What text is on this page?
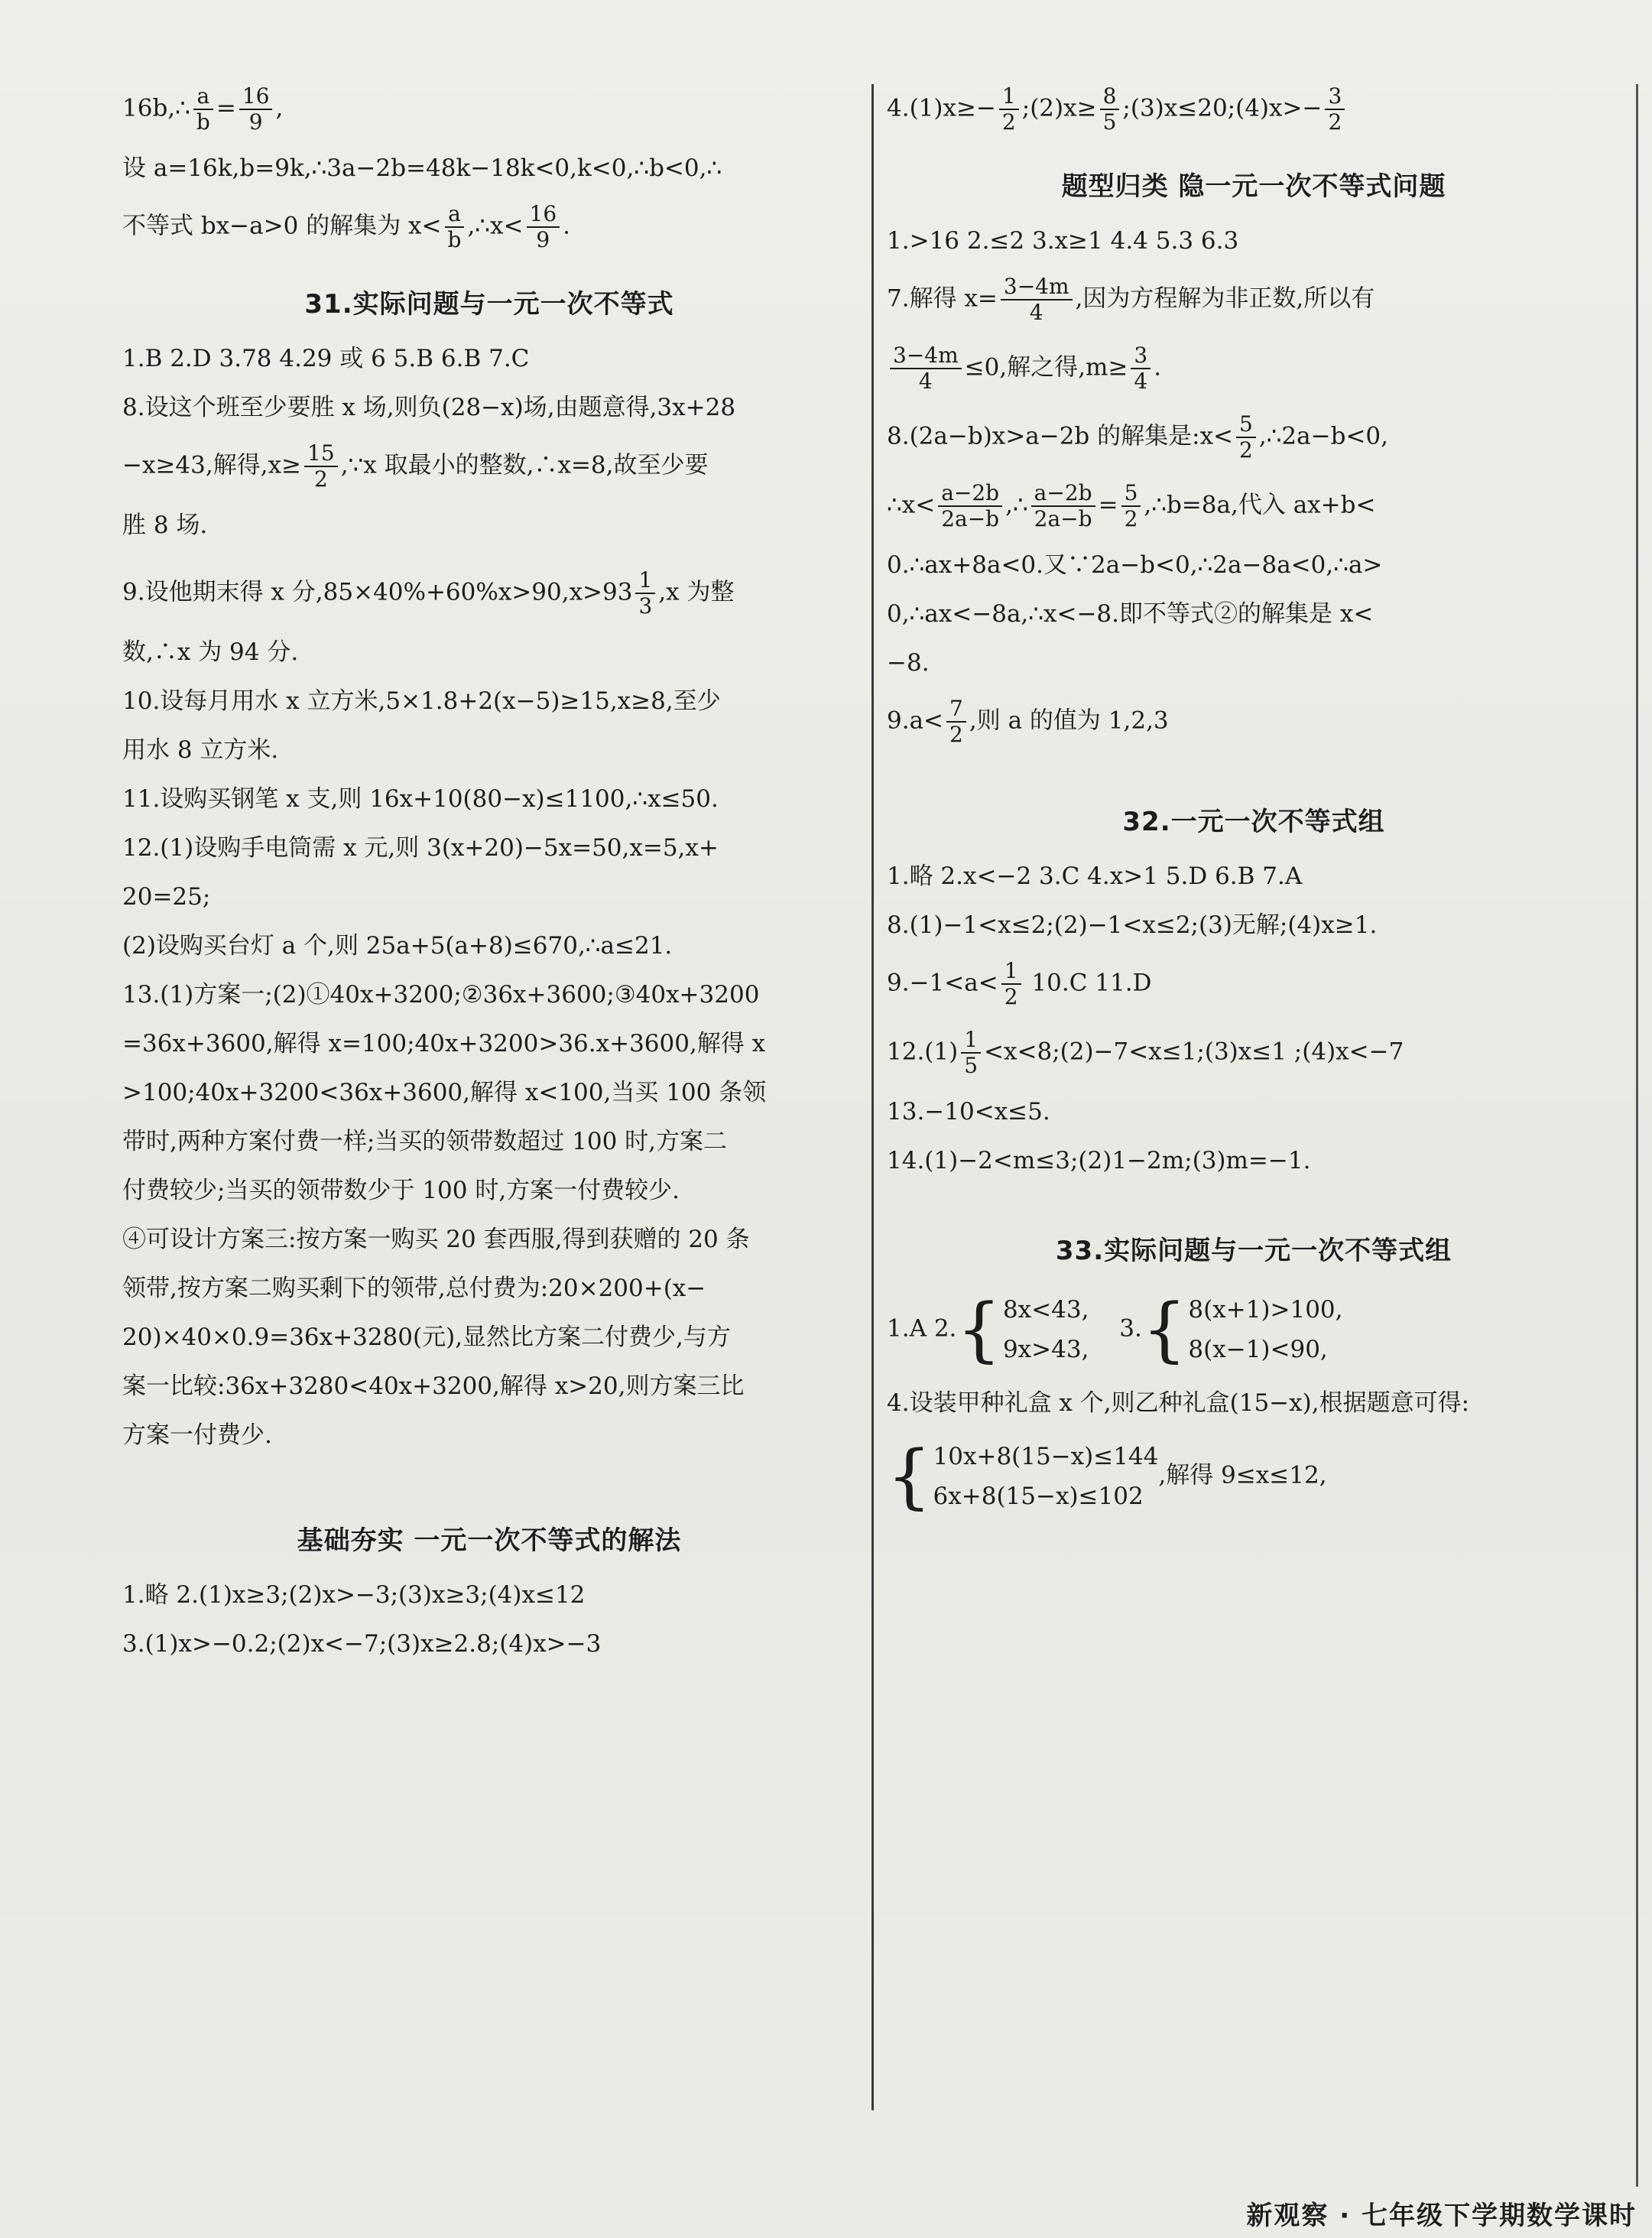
16b,∴ $\frac{a}{b} = \frac{16}{9}$ ,
设 a=16k,b=9k,∴3a−2b=48k−18k<0,k<0,∴b<0,∴
不等式 bx−a>0 的解集为 $x< \frac{a}{b}$ ,∴x< $\frac{16}{9}$ .
31.实际问题与一元一次不等式
1.B 2.D 3.78 4.29 或 6 5.B 6.B 7.C
8.设这个班至少要胜 x 场,则负(28−x)场,由题意得,3x+28
−x≥43,解得$,x\ge \frac{15}{2}$ ,∵x 取最小的整数,∴x=8,故至少要
胜 8 场.
9.设他期末得 x 分$,85\times 40\%+60\%x>90,x>93 \frac{1}{3} ,x$ 为整
数,∴x 为 94 分.
10.设每月用水 x 立方米,5×1.8+2(x−5)≥15,x≥8,至少
用水 8 立方米.
11.设购买钢笔 x 支,则 16x+10(80−x)≤1100,∴x≤50.
12.(1)设购手电筒需 x 元,则 3(x+20)−5x=50,x=5,x+
20=25;
(2)设购买台灯 a 个,则 25a+5(a+8)≤670,∴a≤21.
13.(1)方案一;(2)①40x+3200;②36x+3600;③40x+3200
=36x+3600,解得 x=100;40x+3200>36.x+3600,解得 x
>100;40x+3200<36x+3600,解得 x<100,当买 100 条领
带时,两种方案付费一样;当买的领带数超过 100 时,方案二
付费较少;当买的领带数少于 100 时,方案一付费较少.
④可设计方案三:按方案一购买 20 套西服,得到获赠的 20 条
领带,按方案二购买剩下的领带,总付费为:20×200+(x−
20)×40×0.9=36x+3280(元),显然比方案二付费少,与方
案一比较:36x+3280<40x+3200,解得 x>20,则方案三比
方案一付费少.
基础夯实 一元一次不等式的解法
1.略 2.(1)x≥3;(2)x>−3;(3)x≥3;(4)x≤12
3.(1)x>−0.2;(2)x<−7;(3)x≥2.8;(4)x>−3
$4.(1)x\ge- \frac{1}{2}$ ;(2)x≥ $\frac{8}{5}$ ;(3)x≤20;(4)x>− $\frac{3}{2}$
题型归类 隐一元一次不等式问题
1.>16 2.≤2 3.x≥1 4.4 5.3 6.3
7.解得 $x= \frac{3-4m}{4}$ ,因为方程解为非正数,所以有
$\frac{3-4m}{4} \le 0$,解之得$,m\ge \frac{3}{4}$ .
8.(2a−b)x>a−2b 的解集是:x< $\frac{5}{2}$ ,∴2a−b<0,
∴x< $\frac{a-2b}{2a-b}$ ,∴ $\frac{a-2b}{2a-b} = \frac{5}{2}$ ,∴b=8a,代入 ax+b<
0.∴ax+8a<0.又∵2a−b<0,∴2a−8a<0,∴a>
0,∴ax<−8a,∴x<−8.即不等式②的解集是 x<
−8.
$9.a< \frac{7}{2}$ ,则 a 的值为 1,2,3
32.一元一次不等式组
1.略 2.x<−2 3.C 4.x>1 5.D 6.B 7.A
8.(1)−1<x≤2;(2)−1<x≤2;(3)无解;(4)x≥1.
$9.-1<a< \frac{1}{2} 10.C$ 11.D
$12.(1) \frac{1}{5}$ <x<8;(2)−7<x≤1;(3)x≤1 ;(4)x<−7
13.−10<x≤5.
14.(1)−2<m≤3;(2)1−2m;(3)m=−1.
33.实际问题与一元一次不等式组
1.A 2.{ 8x<43,
9x>43,
3.{ 8(x+1)>100,
8(x−1)<90,
4.设装甲种礼盒 x 个,则乙种礼盒(15−x),根据题意可得:
{ 10x+8(15−x)≤144
6x+8(15−x)≤102
,解得 9≤x≤12,
新观察 · 七年级下学期数学课时
